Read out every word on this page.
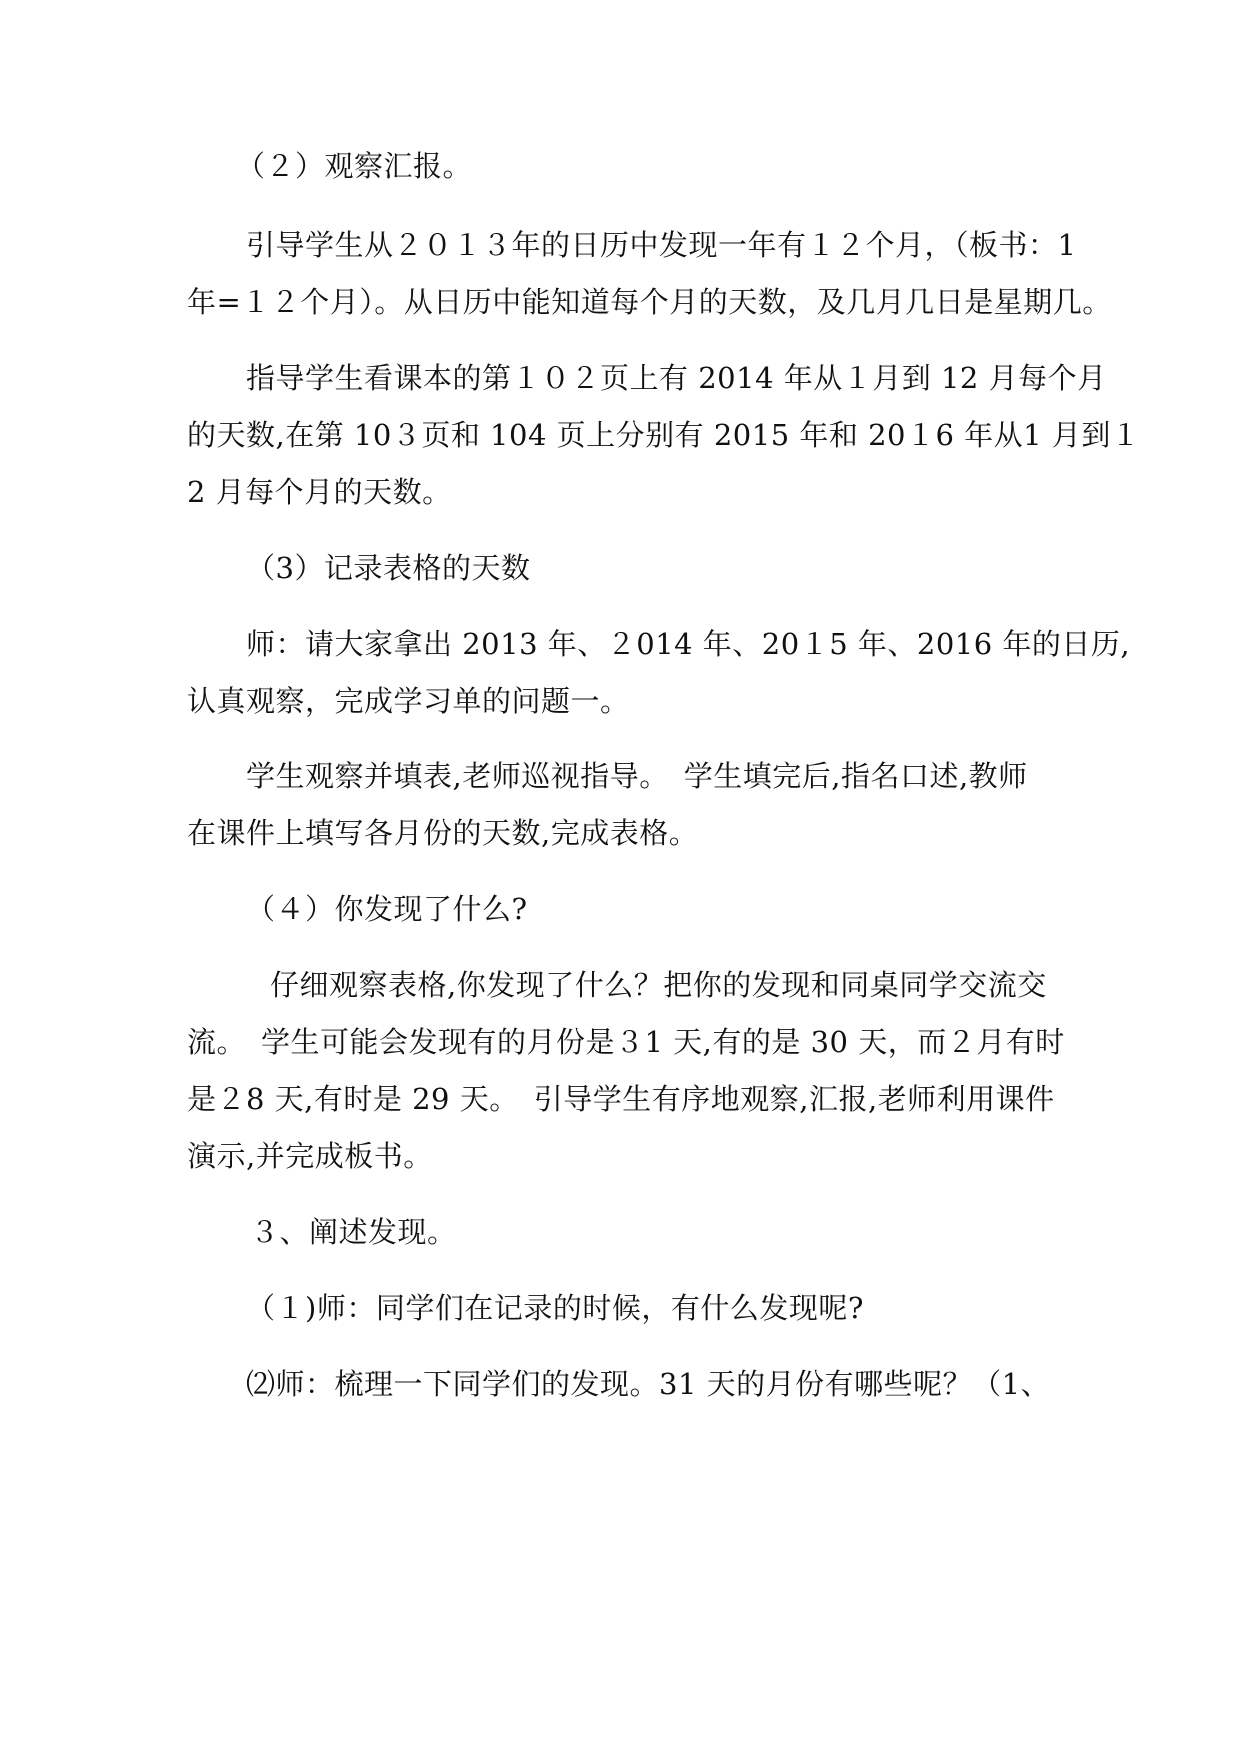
（２）观察汇报。
引导学生从２０１３年的日历中发现一年有１２个月，（板书：1
年=１２个月）。从日历中能知道每个月的天数，及几月几日是星期几。
指导学生看课本的第１０２页上有 2014 年从１月到 12 月每个月
的天数,在第 10３页和 104 页上分别有 2015 年和 20１6 年从1 月到１
2 月每个月的天数。
（3）记录表格的天数
师：请大家拿出 2013 年、２014 年、20１5 年、2016 年的日历,
认真观察，完成学习单的问题一。
学生观察并填表,老师巡视指导。　学生填完后,指名口述,教师
在课件上填写各月份的天数,完成表格。
（４）你发现了什么?
仔细观察表格,你发现了什么？把你的发现和同桌同学交流交
流。　学生可能会发现有的月份是３1 天,有的是 30 天，而２月有时
是２8 天,有时是 29 天。　引导学生有序地观察,汇报,老师利用课件
演示,并完成板书。
３、阐述发现。
（１)师：同学们在记录的时候，有什么发现呢?
⑵师：梳理一下同学们的发现。31 天的月份有哪些呢？（1、
